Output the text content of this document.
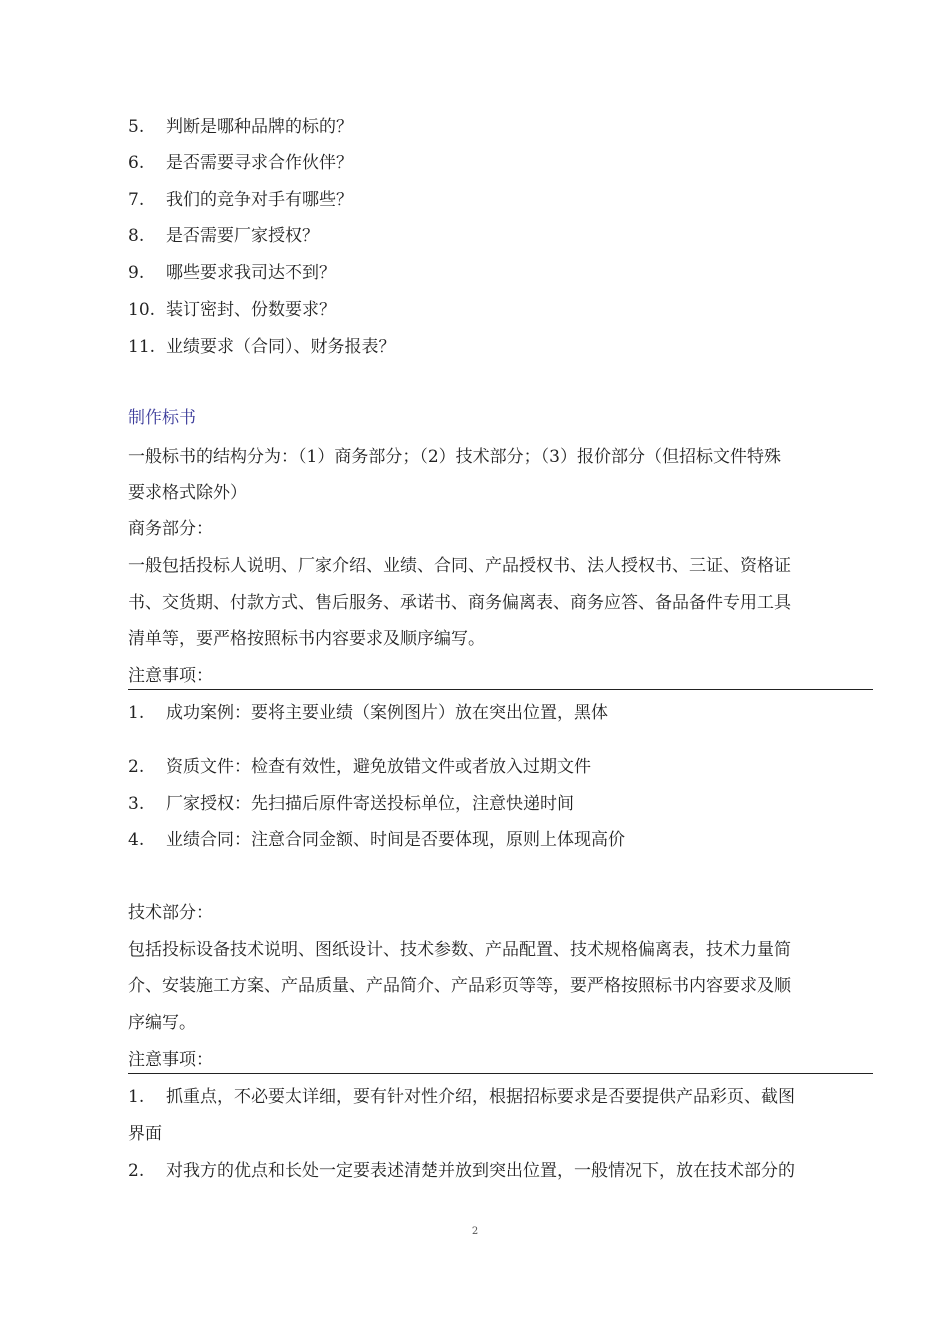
5. 判断是哪种品牌的标的？
6. 是否需要寻求合作伙伴？
7. 我们的竞争对手有哪些？
8. 是否需要厂家授权？
9. 哪些要求我司达不到？
10. 装订密封、份数要求？
11. 业绩要求（合同）、财务报表？
制作标书
一般标书的结构分为：（1）商务部分；（2）技术部分；（3）报价部分（但招标文件特殊
要求格式除外）
商务部分：
一般包括投标人说明、厂家介绍、业绩、合同、产品授权书、法人授权书、三证、资格证
书、交货期、付款方式、售后服务、承诺书、商务偏离表、商务应答、备品备件专用工具
清单等，要严格按照标书内容要求及顺序编写。
注意事项：
1. 成功案例：要将主要业绩（案例图片）放在突出位置，黑体
2. 资质文件：检查有效性，避免放错文件或者放入过期文件
3. 厂家授权：先扫描后原件寄送投标单位，注意快递时间
4. 业绩合同：注意合同金额、时间是否要体现，原则上体现高价
技术部分：
包括投标设备技术说明、图纸设计、技术参数、产品配置、技术规格偏离表，技术力量简
介、安装施工方案、产品质量、产品简介、产品彩页等等，要严格按照标书内容要求及顺
序编写。
注意事项：
1. 抓重点，不必要太详细，要有针对性介绍，根据招标要求是否要提供产品彩页、截图
界面
2. 对我方的优点和长处一定要表述清楚并放到突出位置，一般情况下，放在技术部分的
2
